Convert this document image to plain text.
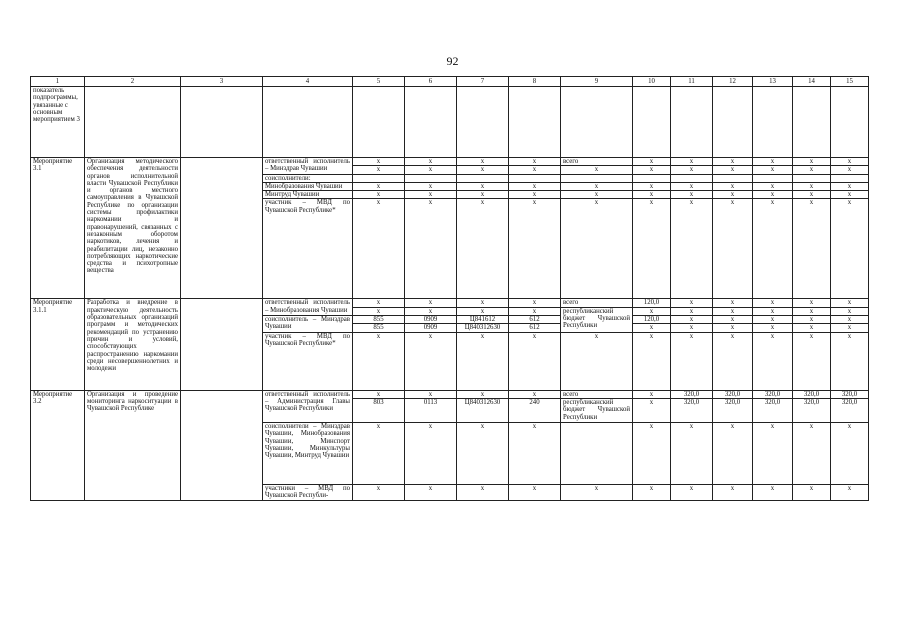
92
1	2	3	4	5	6	7	8	9	10	11	12	13	14	15
показатель подпрограммы, увязанные с основным мероприятием 3														
Мероприятие 3.1	Организация методического обеспечения деятельности органов исполнительной власти Чувашской Республики и органов местного самоуправления в Чувашской Республике по организации системы профилактики наркомании и правонарушений, связанных с незаконным оборотом наркотиков, лечения и реабилитации лиц, незаконно потребляющих наркотические средства и психотропные вещества		ответственный исполнитель – Минздрав Чувашии	x	x	x	x	всего	x	x	x	x	x	x
				x	x	x	x	x	x	x	x	x	x	x
			соисполнители:											
			Минобразования Чувашии	x	x	x	x	x	x	x	x	x	x	x
			Минтруд Чувашии	x	x	x	x	x	x	x	x	x	x	x
			участник – МВД по Чувашской Республике*	x	x	x	x	x	x	x	x	x	x	x
Мероприятие 3.1.1	Разработка и внедрение в практическую деятельность образовательных организаций программ и методических рекомендаций по устранению причин и условий, способствующих распространению наркомании среди несовершеннолетних и молодежи		ответственный исполнитель – Минобразования Чувашии	x	x	x	x	всего	120,0	x	x	x	x	x
				x	x	x	x	республиканский бюджет Чувашской Республики	x	x	x	x	x	x
			соисполнитель – Минздрав Чувашии	855	0909	Ц841612	612		120,0	x	x	x	x	x
				855	0909	Ц840312630	612		x	x	x	x	x	x
			участник – МВД по Чувашской Республике*	x	x	x	x	x	x	x	x	x	x	x
Мероприятие 3.2	Организация и проведение мониторинга наркоситуации в Чувашской Республике		ответственный исполнитель – Администрация Главы Чувашской Республики	x	x	x	x	всего	x	320,0	320,0	320,0	320,0	320,0
				803	0113	Ц840312630	240	республиканский бюджет Чувашской Республики	x	320,0	320,0	320,0	320,0	320,0
			соисполнители – Минздрав Чувашии, Минобразования Чувашии, Минспорт Чувашии, Минкультуры Чувашии, Минтруд Чувашии	x	x	x	x		x	x	x	x	x	x
			участники – МВД по Чувашской Республи-	x	x	x	x	x	x	x	x	x	x	x
